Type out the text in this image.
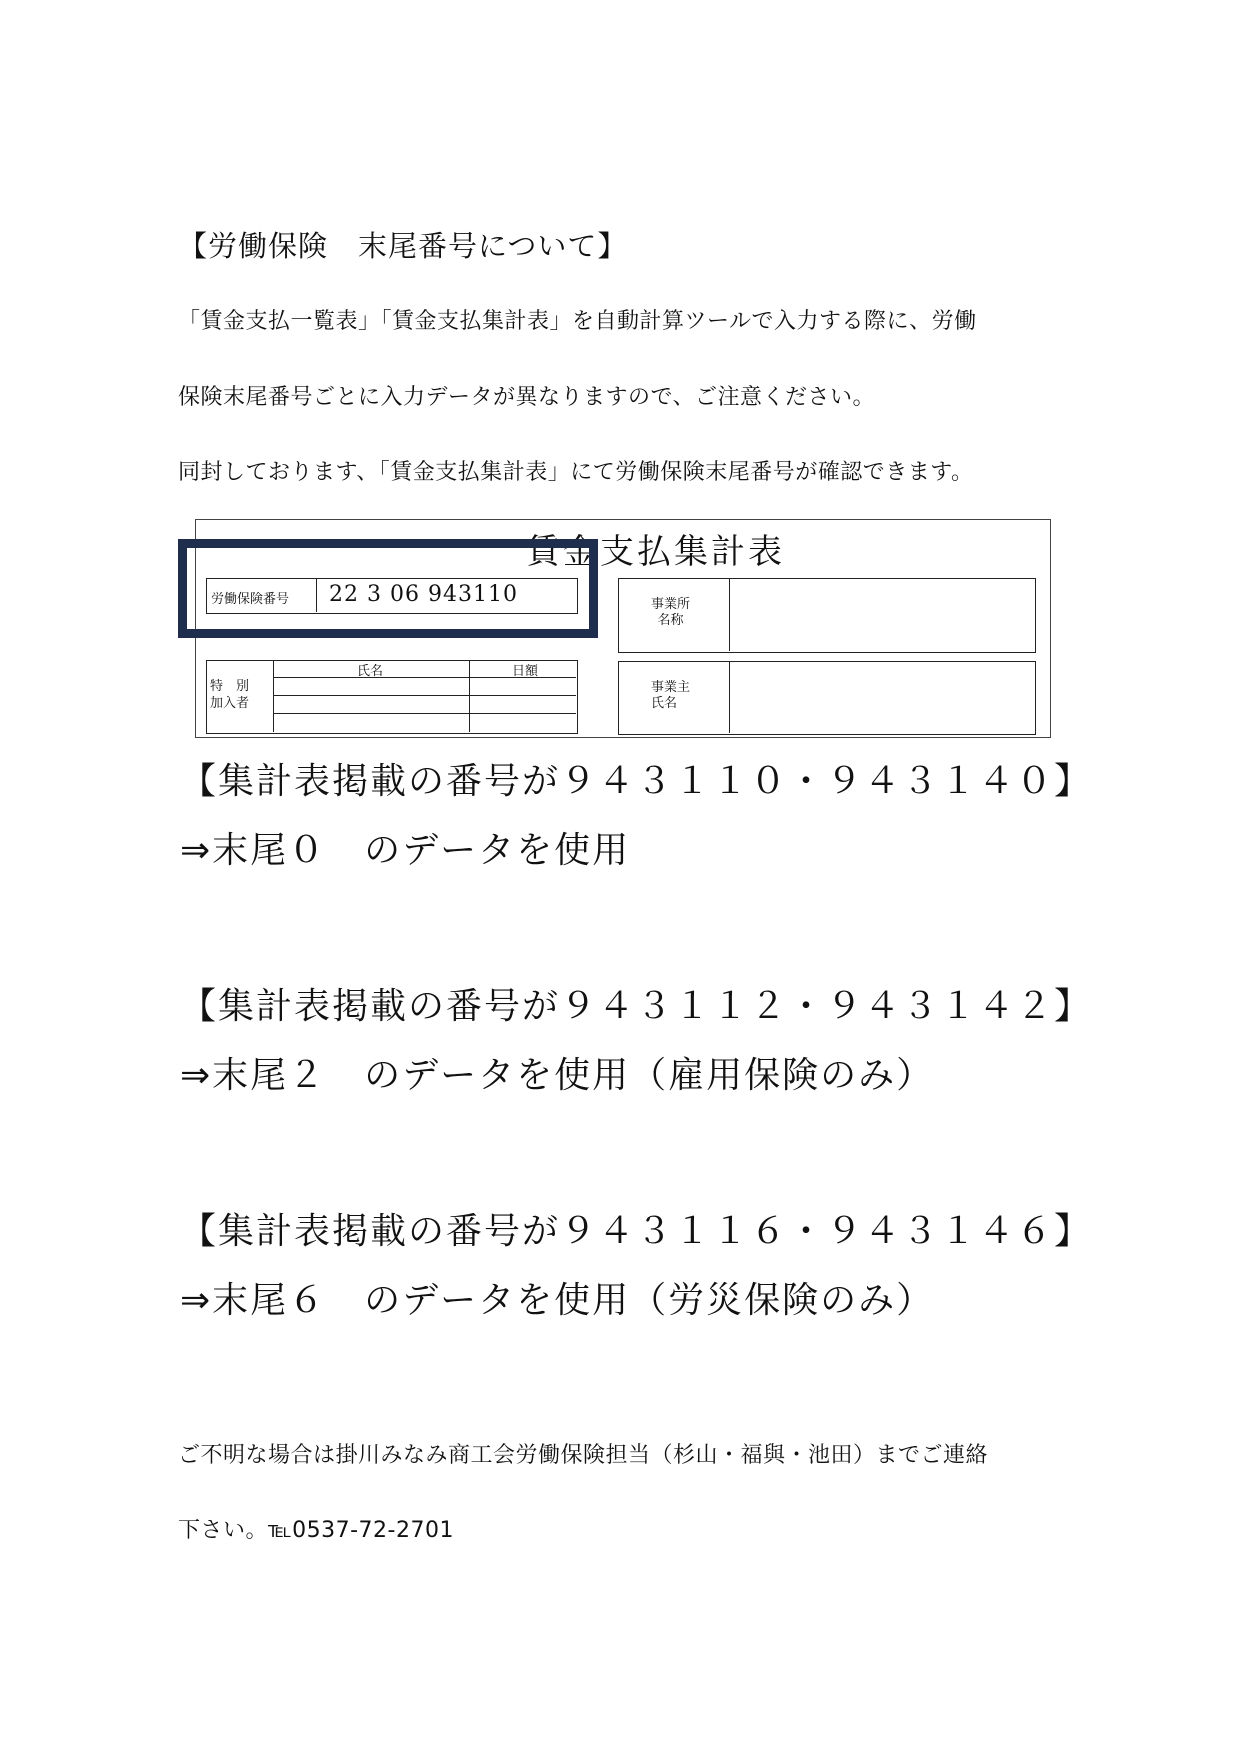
【労働保険　末尾番号について】
「賃金支払一覧表」「賃金支払集計表」を自動計算ツールで入力する際に、労働
保険末尾番号ごとに入力データが異なりますので、ご注意ください。
同封しております、「賃金支払集計表」にて労働保険末尾番号が確認できます。
賃金支払集計表
労働保険番号 22 3 06 943110
特　別
加入者
氏名	日額
事業所
名称
事業主
氏名
【集計表掲載の番号が９４３１１０・９４３１４０】
⇒末尾０　のデータを使用
【集計表掲載の番号が９４３１１２・９４３１４２】
⇒末尾２　のデータを使用（雇用保険のみ）
【集計表掲載の番号が９４３１１６・９４３１４６】
⇒末尾６　のデータを使用（労災保険のみ）
ご不明な場合は掛川みなみ商工会労働保険担当（杉山・福與・池田）までご連絡
下さい。℡0537-72-2701
